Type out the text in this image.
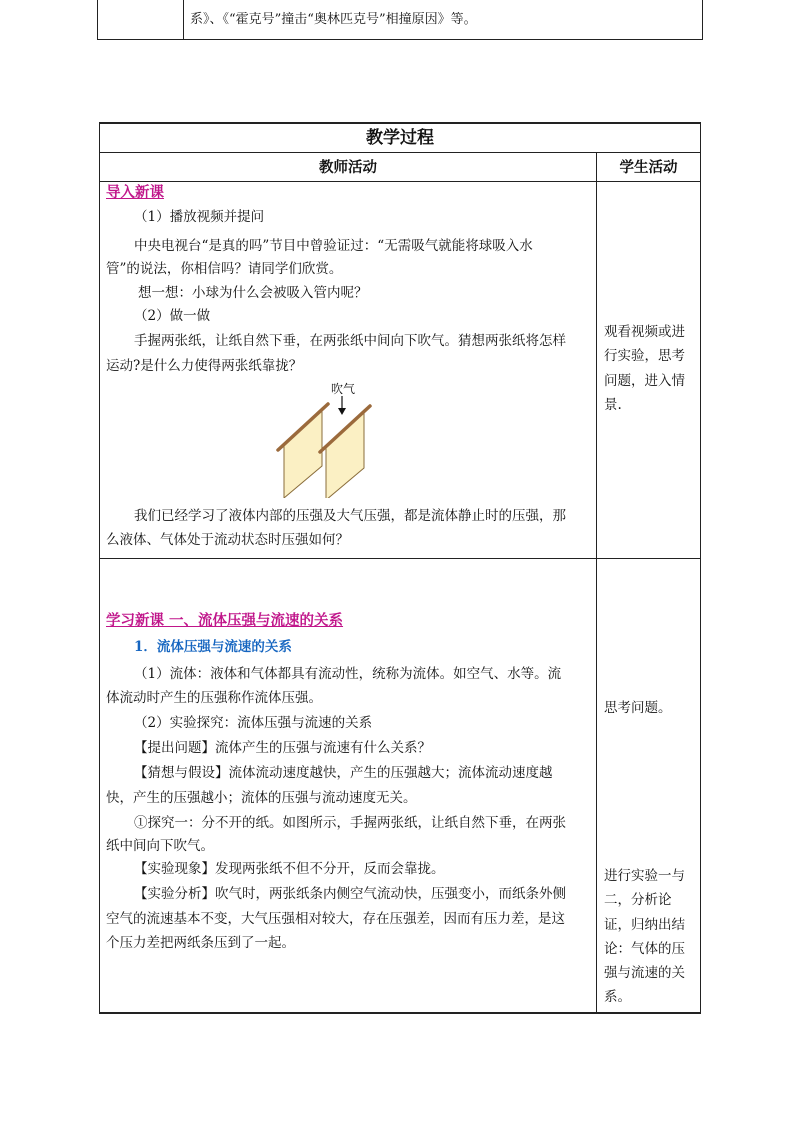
系》、《“霍克号”撞击“奥林匹克号”相撞原因》等。
教学过程
教师活动	学生活动
导入新课
（1）播放视频并提问
中央电视台“是真的吗”节目中曾验证过：“无需吸气就能将球吸入水
管”的说法，你相信吗？请同学们欣赏。
想一想：小球为什么会被吸入管内呢？
（2）做一做
手握两张纸，让纸自然下垂，在两张纸中间向下吹气。猜想两张纸将怎样
运动?是什么力使得两张纸靠拢？
吹气
我们已经学习了液体内部的压强及大气压强，都是流体静止时的压强，那
么液体、气体处于流动状态时压强如何？
观看视频或进
行实验，思考
问题，进入情
景.
学习新课 一、流体压强与流速的关系
1．流体压强与流速的关系
（1）流体：液体和气体都具有流动性，统称为流体。如空气、水等。流
体流动时产生的压强称作流体压强。
（2）实验探究：流体压强与流速的关系
【提出问题】流体产生的压强与流速有什么关系？
【猜想与假设】流体流动速度越快，产生的压强越大；流体流动速度越
快，产生的压强越小；流体的压强与流动速度无关。
①探究一：分不开的纸。如图所示，手握两张纸，让纸自然下垂，在两张
纸中间向下吹气。
【实验现象】发现两张纸不但不分开，反而会靠拢。
【实验分析】吹气时，两张纸条内侧空气流动快，压强变小，而纸条外侧
空气的流速基本不变，大气压强相对较大，存在压强差，因而有压力差，是这
个压力差把两纸条压到了一起。
思考问题。
进行实验一与
二，分析论
证，归纳出结
论：气体的压
强与流速的关
系。
